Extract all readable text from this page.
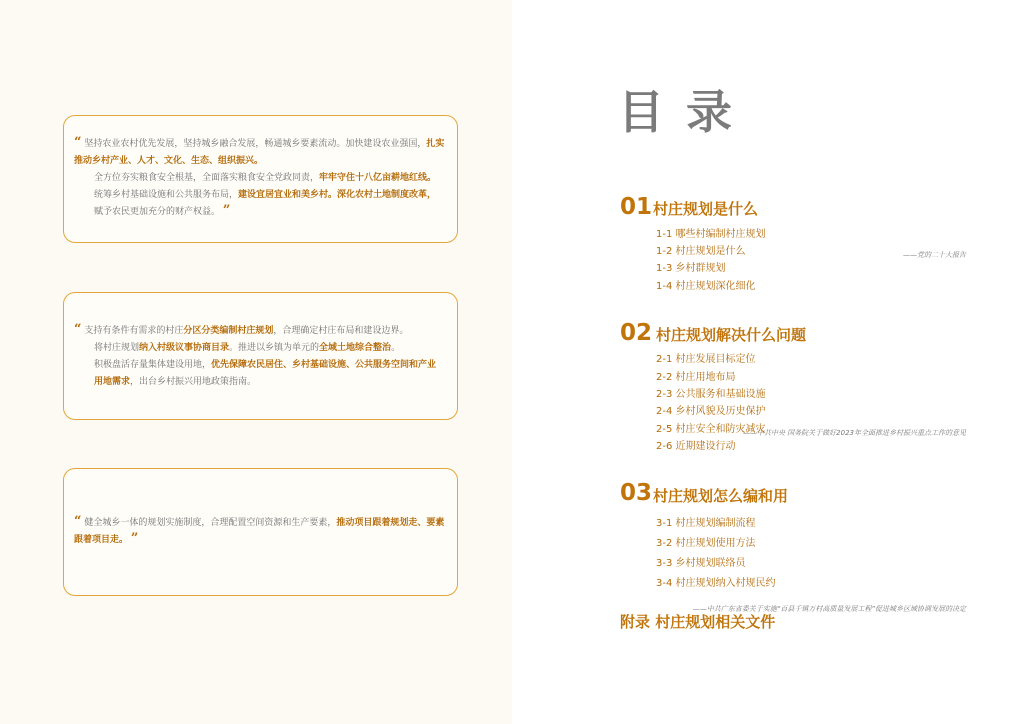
“ 坚持农业农村优先发展，坚持城乡融合发展，畅通城乡要素流动。加快建设农业强国，扎实推动乡村产业、人才、文化、生态、组织振兴。
全方位夯实粮食安全根基，全面落实粮食安全党政同责，牢牢守住十八亿亩耕地红线。
统筹乡村基础设施和公共服务布局，建设宜居宜业和美乡村。深化农村土地制度改革，赋予农民更加充分的财产权益。 ”
——党的二十大报告
“ 支持有条件有需求的村庄分区分类编制村庄规划，合理确定村庄布局和建设边界。
将村庄规划纳入村级议事协商目录。推进以乡镇为单元的全域土地综合整治。
积极盘活存量集体建设用地，优先保障农民居住、乡村基础设施、公共服务空间和产业用地需求，出台乡村振兴用地政策指南。
——中共中央 国务院关于做好2023年全面推进乡村振兴重点工作的意见
“ 健全城乡一体的规划实施制度，合理配置空间资源和生产要素，推动项目跟着规划走、要素跟着项目走。 ”
——中共广东省委关于实施“百县千镇万村高质量发展工程”促进城乡区域协调发展的决定
目录
01 村庄规划是什么
1-1 哪些村编制村庄规划
1-2 村庄规划是什么
1-3 乡村群规划
1-4 村庄规划深化细化
02 村庄规划解决什么问题
2-1 村庄发展目标定位
2-2 村庄用地布局
2-3 公共服务和基础设施
2-4 乡村风貌及历史保护
2-5 村庄安全和防灾减灾
2-6 近期建设行动
03 村庄规划怎么编和用
3-1 村庄规划编制流程
3-2 村庄规划使用方法
3-3 乡村规划联络员
3-4 村庄规划纳入村规民约
附录 村庄规划相关文件
